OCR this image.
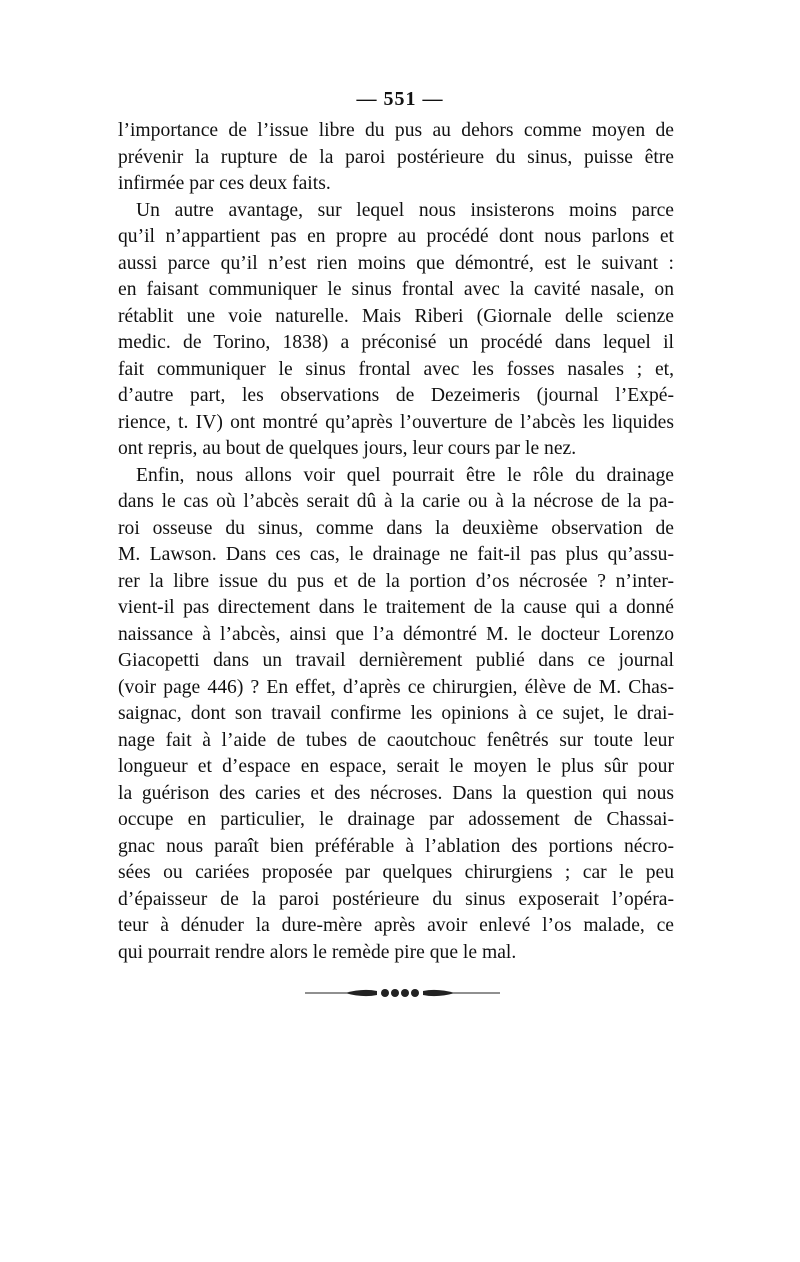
— 551 —

l’importance de l’issue libre du pus au dehors comme moyen de
prévenir la rupture de la paroi postérieure du sinus, puisse être
infirmée par ces deux faits.

Un autre avantage, sur lequel nous insisterons moins parce
qu’il n’appartient pas en propre au procédé dont nous parlons et
aussi parce qu’il n’est rien moins que démontré, est le suivant :
en faisant communiquer le sinus frontal avec la cavité nasale, on
rétablit une voie naturelle. Mais Riberi (Giornale delle scienze
medic. de Torino, 1838) a préconisé un procédé dans lequel il
fait communiquer le sinus frontal avec les fosses nasales ; et,
d’autre part, les observations de Dezeimeris (journal l’Expé-
rience, t. IV) ont montré qu’après l’ouverture de l’abcès les liquides
ont repris, au bout de quelques jours, leur cours par le nez.

Enfin, nous allons voir quel pourrait être le rôle du drainage
dans le cas où l’abcès serait dû à la carie ou à la nécrose de la pa-
roi osseuse du sinus, comme dans la deuxième observation de
M. Lawson. Dans ces cas, le drainage ne fait-il pas plus qu’assu-
rer la libre issue du pus et de la portion d’os nécrosée ? n’inter-
vient-il pas directement dans le traitement de la cause qui a donné
naissance à l’abcès, ainsi que l’a démontré M. le docteur Lorenzo
Giacopetti dans un travail dernièrement publié dans ce journal
(voir page 446) ? En effet, d’après ce chirurgien, élève de M. Chas-
saignac, dont son travail confirme les opinions à ce sujet, le drai-
nage fait à l’aide de tubes de caoutchouc fenêtrés sur toute leur
longueur et d’espace en espace, serait le moyen le plus sûr pour
la guérison des caries et des nécroses. Dans la question qui nous
occupe en particulier, le drainage par adossement de Chassai-
gnac nous paraît bien préférable à l’ablation des portions nécro-
sées ou cariées proposée par quelques chirurgiens ; car le peu
d’épaisseur de la paroi postérieure du sinus exposerait l’opéra-
teur à dénuder la dure-mère après avoir enlevé l’os malade, ce
qui pourrait rendre alors le remède pire que le mal.
